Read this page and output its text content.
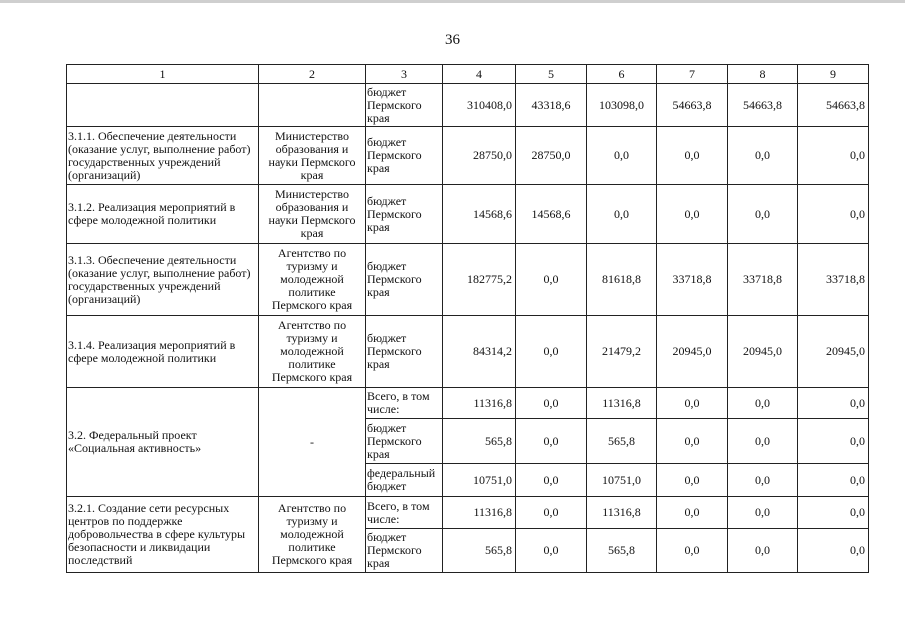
36
1	2	3	4	5	6	7	8	9
		бюджет Пермского края	310408,0	43318,6	103098,0	54663,8	54663,8	54663,8
3.1.1. Обеспечение деятельности (оказание услуг, выполнение работ) государственных учреждений (организаций)	Министерство образования и науки Пермского края	бюджет Пермского края	28750,0	28750,0	0,0	0,0	0,0	0,0
3.1.2. Реализация мероприятий в сфере молодежной политики	Министерство образования и науки Пермского края	бюджет Пермского края	14568,6	14568,6	0,0	0,0	0,0	0,0
3.1.3. Обеспечение деятельности (оказание услуг, выполнение работ) государственных учреждений (организаций)	Агентство по туризму и молодежной политике Пермского края	бюджет Пермского края	182775,2	0,0	81618,8	33718,8	33718,8	33718,8
3.1.4. Реализация мероприятий в сфере молодежной политики	Агентство по туризму и молодежной политике Пермского края	бюджет Пермского края	84314,2	0,0	21479,2	20945,0	20945,0	20945,0
3.2. Федеральный проект «Социальная активность»	-	Всего, в том числе:	11316,8	0,0	11316,8	0,0	0,0	0,0
		бюджет Пермского края	565,8	0,0	565,8	0,0	0,0	0,0
		федеральный бюджет	10751,0	0,0	10751,0	0,0	0,0	0,0
3.2.1. Создание сети ресурсных центров по поддержке добровольчества в сфере культуры безопасности и ликвидации последствий	Агентство по туризму и молодежной политике Пермского края	Всего, в том числе:	11316,8	0,0	11316,8	0,0	0,0	0,0
		бюджет Пермского края	565,8	0,0	565,8	0,0	0,0	0,0
